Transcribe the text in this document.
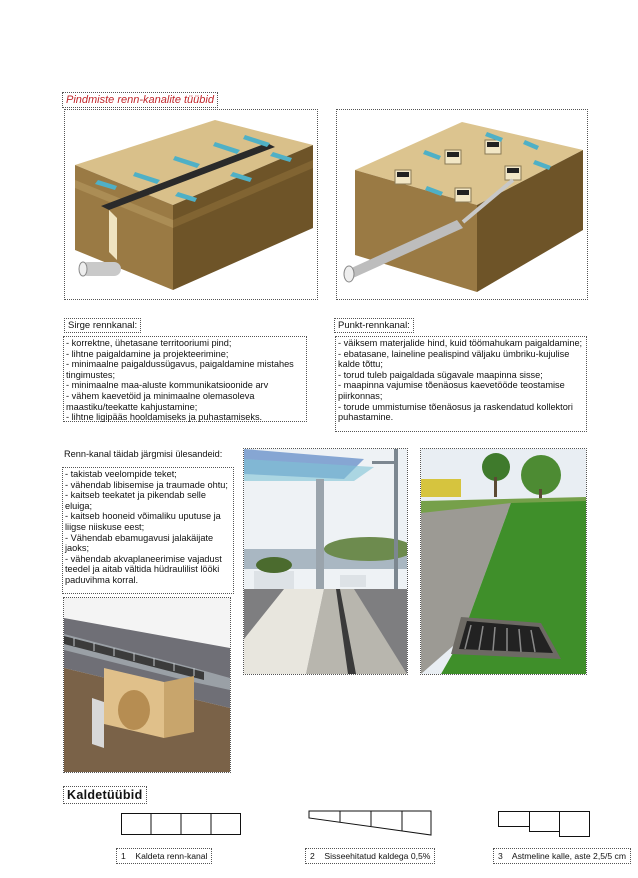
Pindmiste renn-kanalite tüübid
Sirge rennkanal:
- korrektne, ühetasane territooriumi pind;
- lihtne paigaldamine ja projekteerimine;
- minimaalne paigaldussügavus, paigaldamine mistahes tingimustes;
- minimaalne maa-aluste kommunikatsioonide arv
- vähem kaevetöid ja minimaalne olemasoleva maastiku/teekatte kahjustamine;
- lihtne ligipääs hooldamiseks ja puhastamiseks.
Punkt-rennkanal:
- väiksem materjalide hind, kuid töömahukam paigaldamine;
- ebatasane, laineline pealispind väljaku ümbriku-kujulise kalde tõttu;
- torud tuleb paigaldada sügavale maapinna sisse;
- maapinna vajumise tõenäosus kaevetööde teostamise piirkonnas;
- torude ummistumise tõenäosus ja raskendatud kollektori puhastamine.
Renn-kanal täidab järgmisi ülesandeid:
- takistab veelompide teket;
- vähendab libisemise ja traumade ohtu;
- kaitseb teekatet ja pikendab selle eluiga;
- kaitseb hooneid võimaliku uputuse ja liigse niiskuse eest;
- Vähendab ebamugavusi jalakäijate jaoks;
- vähendab akvaplaneerimise vajadust teedel ja aitab vältida hüdraulilist lööki paduvihma korral.
Kaldetüübid
1 Kaldeta renn-kanal	2 Sisseehitatud kaldega 0,5%	3 Astmeline kalle, aste 2,5/5 cm
